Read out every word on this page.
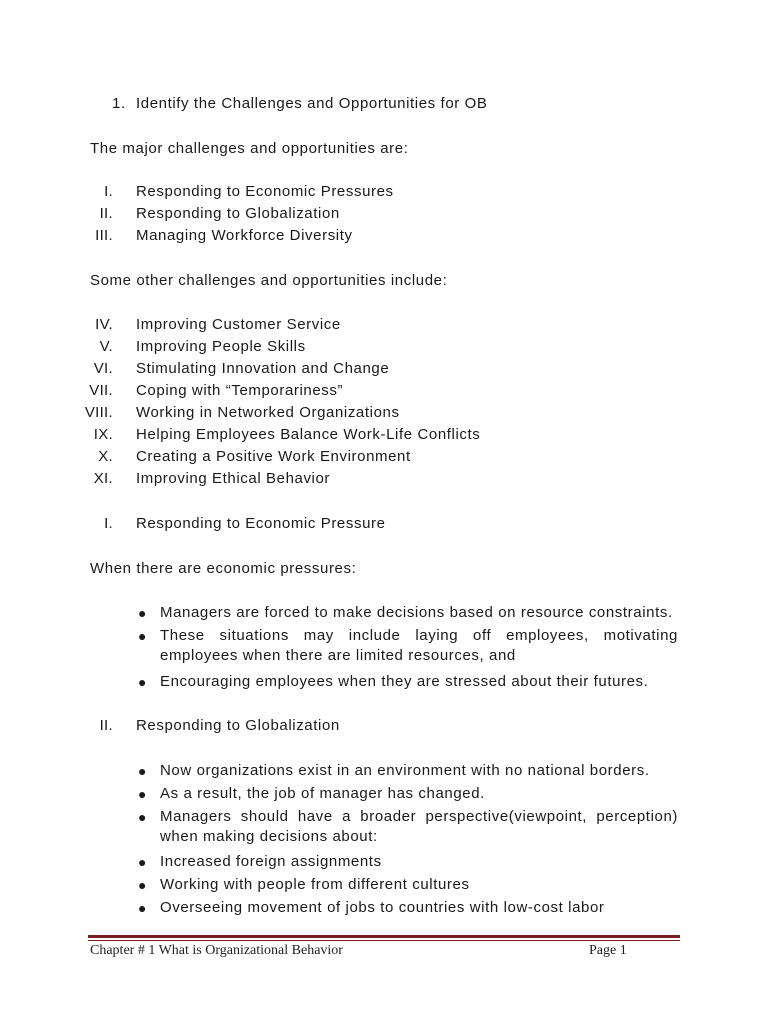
1. Identify the Challenges and Opportunities for OB
The major challenges and opportunities are:
I. Responding to Economic Pressures
II. Responding to Globalization
III. Managing Workforce Diversity
Some other challenges and opportunities include:
IV. Improving Customer Service
V. Improving People Skills
VI. Stimulating Innovation and Change
VII. Coping with “Temporariness”
VIII. Working in Networked Organizations
IX. Helping Employees Balance Work-Life Conflicts
X. Creating a Positive Work Environment
XI. Improving Ethical Behavior
I. Responding to Economic Pressure
When there are economic pressures:
● Managers are forced to make decisions based on resource constraints.
● These situations may include laying off employees, motivating employees when there are limited resources, and
● Encouraging employees when they are stressed about their futures.
II. Responding to Globalization
● Now organizations exist in an environment with no national borders.
● As a result, the job of manager has changed.
● Managers should have a broader perspective(viewpoint, perception) when making decisions about:
● Increased foreign assignments
● Working with people from different cultures
● Overseeing movement of jobs to countries with low-cost labor
Chapter # 1 What is Organizational Behavior	Page 1
